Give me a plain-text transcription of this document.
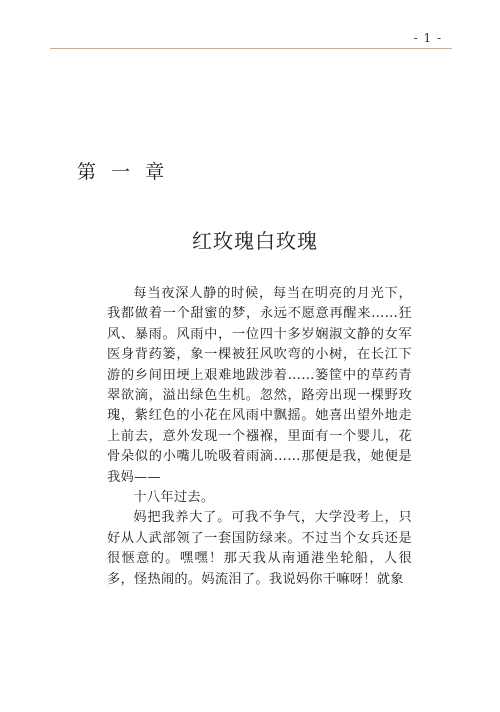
- 1 -
第  一  章
红玫瑰白玫瑰

每当夜深人静的时候，每当在明亮的月光下，我都做着一个甜蜜的梦，永远不愿意再醒来……狂风、暴雨。风雨中，一位四十多岁娴淑文静的女军医身背药篓，象一棵被狂风吹弯的小树，在长江下游的乡间田埂上艰难地跋涉着……篓筐中的草药青翠欲滴，溢出绿色生机。忽然，路旁出现一棵野玫瑰，紫红色的小花在风雨中飘摇。她喜出望外地走上前去，意外发现一个襁褓，里面有一个婴儿，花骨朵似的小嘴儿吮吸着雨滴……那便是我，她便是我妈——

十八年过去。

妈把我养大了。可我不争气，大学没考上，只好从人武部领了一套国防绿来。不过当个女兵还是很惬意的。嘿嘿！那天我从南通港坐轮船，人很多，怪热闹的。妈流泪了。我说妈你干嘛呀！就象
